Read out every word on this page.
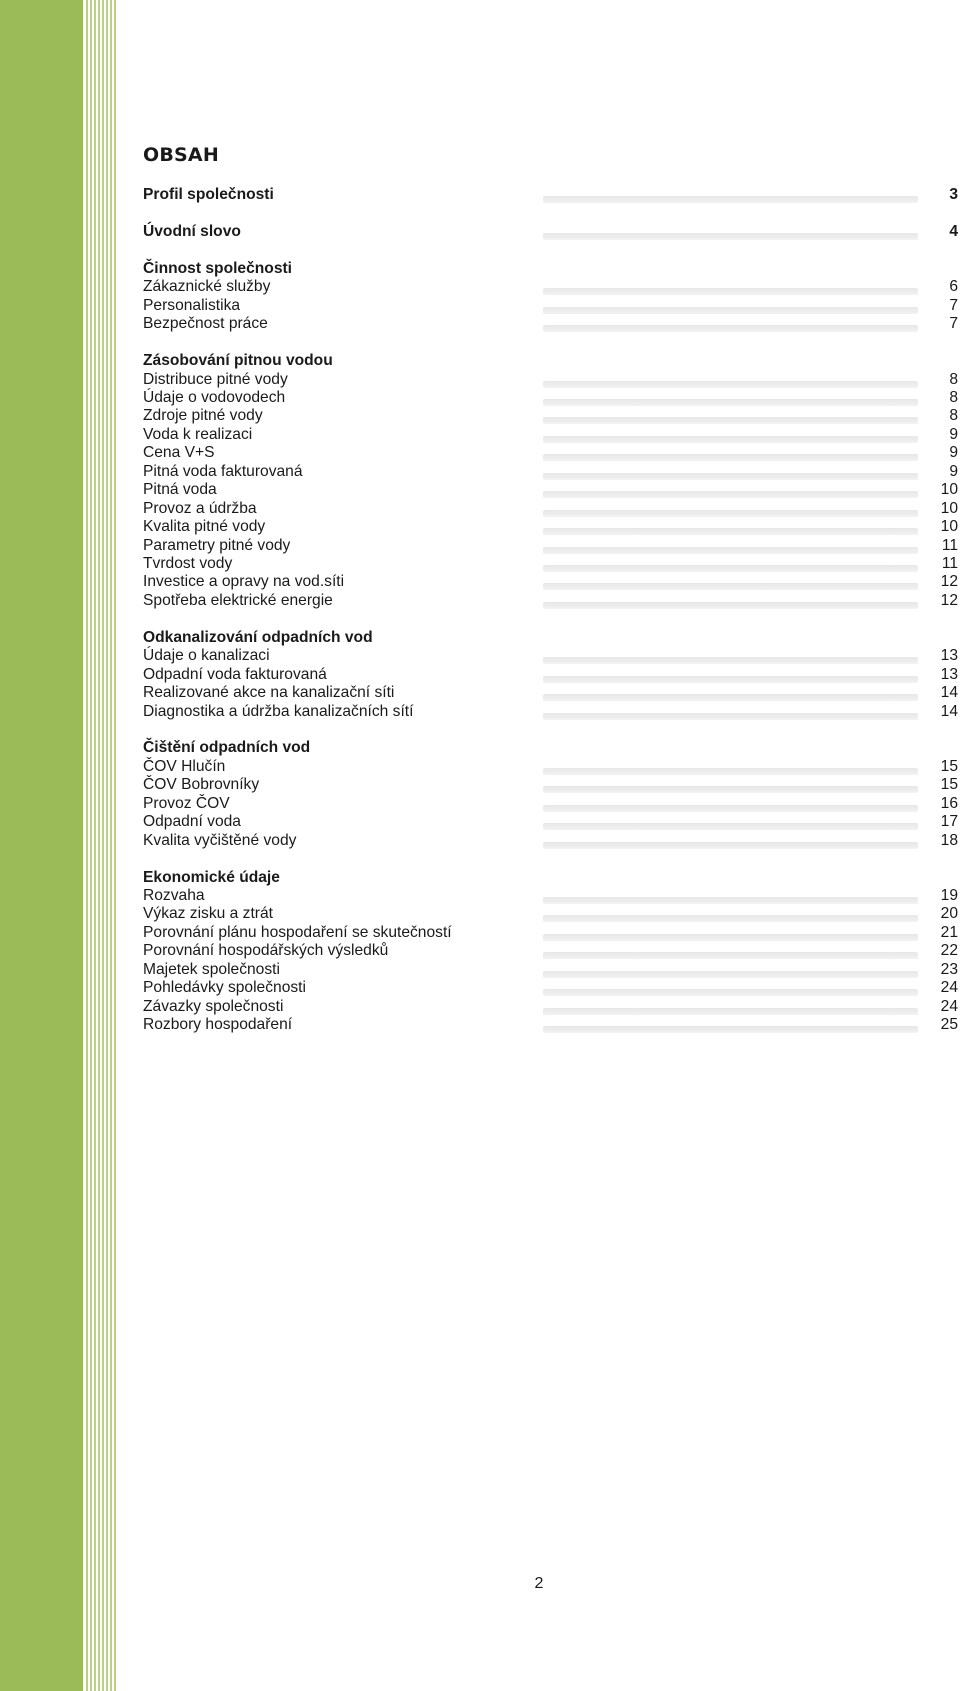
OBSAH
Profil společnosti	3
Úvodní slovo	4
Činnost společnosti
Zákaznické služby	6
Personalistika	7
Bezpečnost práce	7
Zásobování pitnou vodou
Distribuce pitné vody	8
Údaje o vodovodech	8
Zdroje pitné vody	8
Voda k realizaci	9
Cena V+S	9
Pitná voda fakturovaná	9
Pitná voda	10
Provoz a údržba	10
Kvalita pitné vody	10
Parametry pitné vody	11
Tvrdost vody	11
Investice a opravy na vod.síti	12
Spotřeba elektrické energie	12
Odkanalizování odpadních vod
Údaje o kanalizaci	13
Odpadní voda fakturovaná	13
Realizované akce na kanalizační síti	14
Diagnostika a údržba kanalizačních sítí	14
Čištění odpadních vod
ČOV Hlučín	15
ČOV Bobrovníky	15
Provoz ČOV	16
Odpadní voda	17
Kvalita vyčištěné vody	18
Ekonomické údaje
Rozvaha	19
Výkaz zisku a ztrát	20
Porovnání plánu hospodaření se skutečností	21
Porovnání hospodářských výsledků	22
Majetek společnosti	23
Pohledávky společnosti	24
Závazky společnosti	24
Rozbory hospodaření	25
2
